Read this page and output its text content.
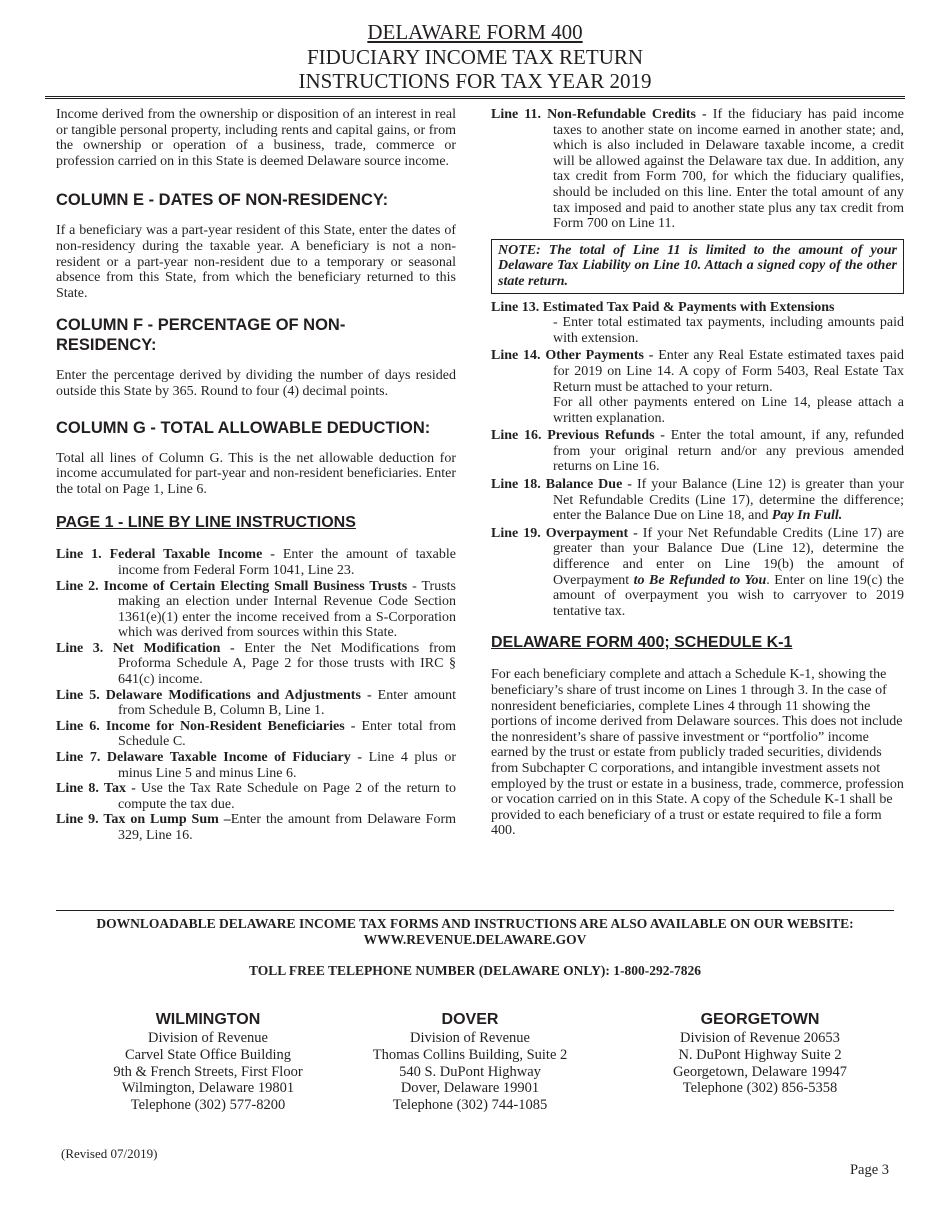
DELAWARE FORM 400
FIDUCIARY INCOME TAX RETURN
INSTRUCTIONS FOR TAX YEAR 2019

Income derived from the ownership or disposition of an interest in real or tangible personal property, including rents and capital gains, or from the ownership or operation of a business, trade, commerce or profession carried on in this State is deemed Delaware source income.

COLUMN E - DATES OF NON-RESIDENCY:

If a beneficiary was a part-year resident of this State, enter the dates of non-residency during the taxable year. A beneficiary is not a non-resident or a part-year non-resident due to a temporary or seasonal absence from this State, from which the beneficiary returned to this State.

COLUMN F - PERCENTAGE OF NON-
RESIDENCY:

Enter the percentage derived by dividing the number of days resided outside this State by 365. Round to four (4) decimal points.

COLUMN G - TOTAL ALLOWABLE DEDUCTION:

Total all lines of Column G. This is the net allowable deduction for income accumulated for part-year and non-resident beneficiaries. Enter the total on Page 1, Line 6.

PAGE 1 - LINE BY LINE INSTRUCTIONS
Line 1. Federal Taxable Income - Enter the amount of taxable income from Federal Form 1041, Line 23.
Line 2. Income of Certain Electing Small Business Trusts - Trusts making an election under Internal Revenue Code Section 1361(e)(1) enter the income received from a S-Corporation which was derived from sources within this State.
Line 3. Net Modification - Enter the Net Modifications from Proforma Schedule A, Page 2 for those trusts with IRC § 641(c) income.
Line 5. Delaware Modifications and Adjustments - Enter amount from Schedule B, Column B, Line 1.
Line 6. Income for Non-Resident Beneficiaries - Enter total from Schedule C.
Line 7. Delaware Taxable Income of Fiduciary - Line 4 plus or minus Line 5 and minus Line 6.
Line 8. Tax - Use the Tax Rate Schedule on Page 2 of the return to compute the tax due.
Line 9. Tax on Lump Sum –Enter the amount from Delaware Form 329, Line 16.
Line 11. Non-Refundable Credits - If the fiduciary has paid income taxes to another state on income earned in another state; and, which is also included in Delaware taxable income, a credit will be allowed against the Delaware tax due. In addition, any tax credit from Form 700, for which the fiduciary qualifies, should be included on this line. Enter the total amount of any tax imposed and paid to another state plus any tax credit from Form 700 on Line 11.
NOTE: The total of Line 11 is limited to the amount of your Delaware Tax Liability on Line 10. Attach a signed copy of the other state return.
Line 13. Estimated Tax Paid & Payments with Extensions
- Enter total estimated tax payments, including amounts paid with extension.
Line 14. Other Payments - Enter any Real Estate estimated taxes paid for 2019 on Line 14. A copy of Form 5403, Real Estate Tax Return must be attached to your return.
For all other payments entered on Line 14, please attach a written explanation.
Line 16. Previous Refunds - Enter the total amount, if any, refunded from your original return and/or any previous amended returns on Line 16.
Line 18. Balance Due - If your Balance (Line 12) is greater than your Net Refundable Credits (Line 17), determine the difference; enter the Balance Due on Line 18, and Pay In Full.
Line 19. Overpayment - If your Net Refundable Credits (Line 17) are greater than your Balance Due (Line 12), determine the difference and enter on Line 19(b) the amount of Overpayment to Be Refunded to You. Enter on line 19(c) the amount of overpayment you wish to carryover to 2019 tentative tax.
DELAWARE FORM 400; SCHEDULE K-1

For each beneficiary complete and attach a Schedule K-1, showing the beneficiary’s share of trust income on Lines 1 through 3. In the case of nonresident beneficiaries, complete Lines 4 through 11 showing the portions of income derived from Delaware sources. This does not include the nonresident’s share of passive investment or “portfolio” income earned by the trust or estate from publicly traded securities, dividends from Subchapter C corporations, and intangible investment assets not employed by the trust or estate in a business, trade, commerce, profession or vocation carried on in this State. A copy of the Schedule K-1 shall be provided to each beneficiary of a trust or estate required to file a form 400.

DOWNLOADABLE DELAWARE INCOME TAX FORMS AND INSTRUCTIONS ARE ALSO AVAILABLE ON OUR WEBSITE:
WWW.REVENUE.DELAWARE.GOV
TOLL FREE TELEPHONE NUMBER (DELAWARE ONLY): 1-800-292-7826
WILMINGTON
Division of Revenue
Carvel State Office Building
9th & French Streets, First Floor
Wilmington, Delaware 19801
Telephone (302) 577-8200
DOVER
Division of Revenue
Thomas Collins Building, Suite 2
540 S. DuPont Highway
Dover, Delaware 19901
Telephone (302) 744-1085
GEORGETOWN
Division of Revenue 20653
N. DuPont Highway Suite 2
Georgetown, Delaware 19947
Telephone (302) 856-5358
(Revised 07/2019)
Page 3
